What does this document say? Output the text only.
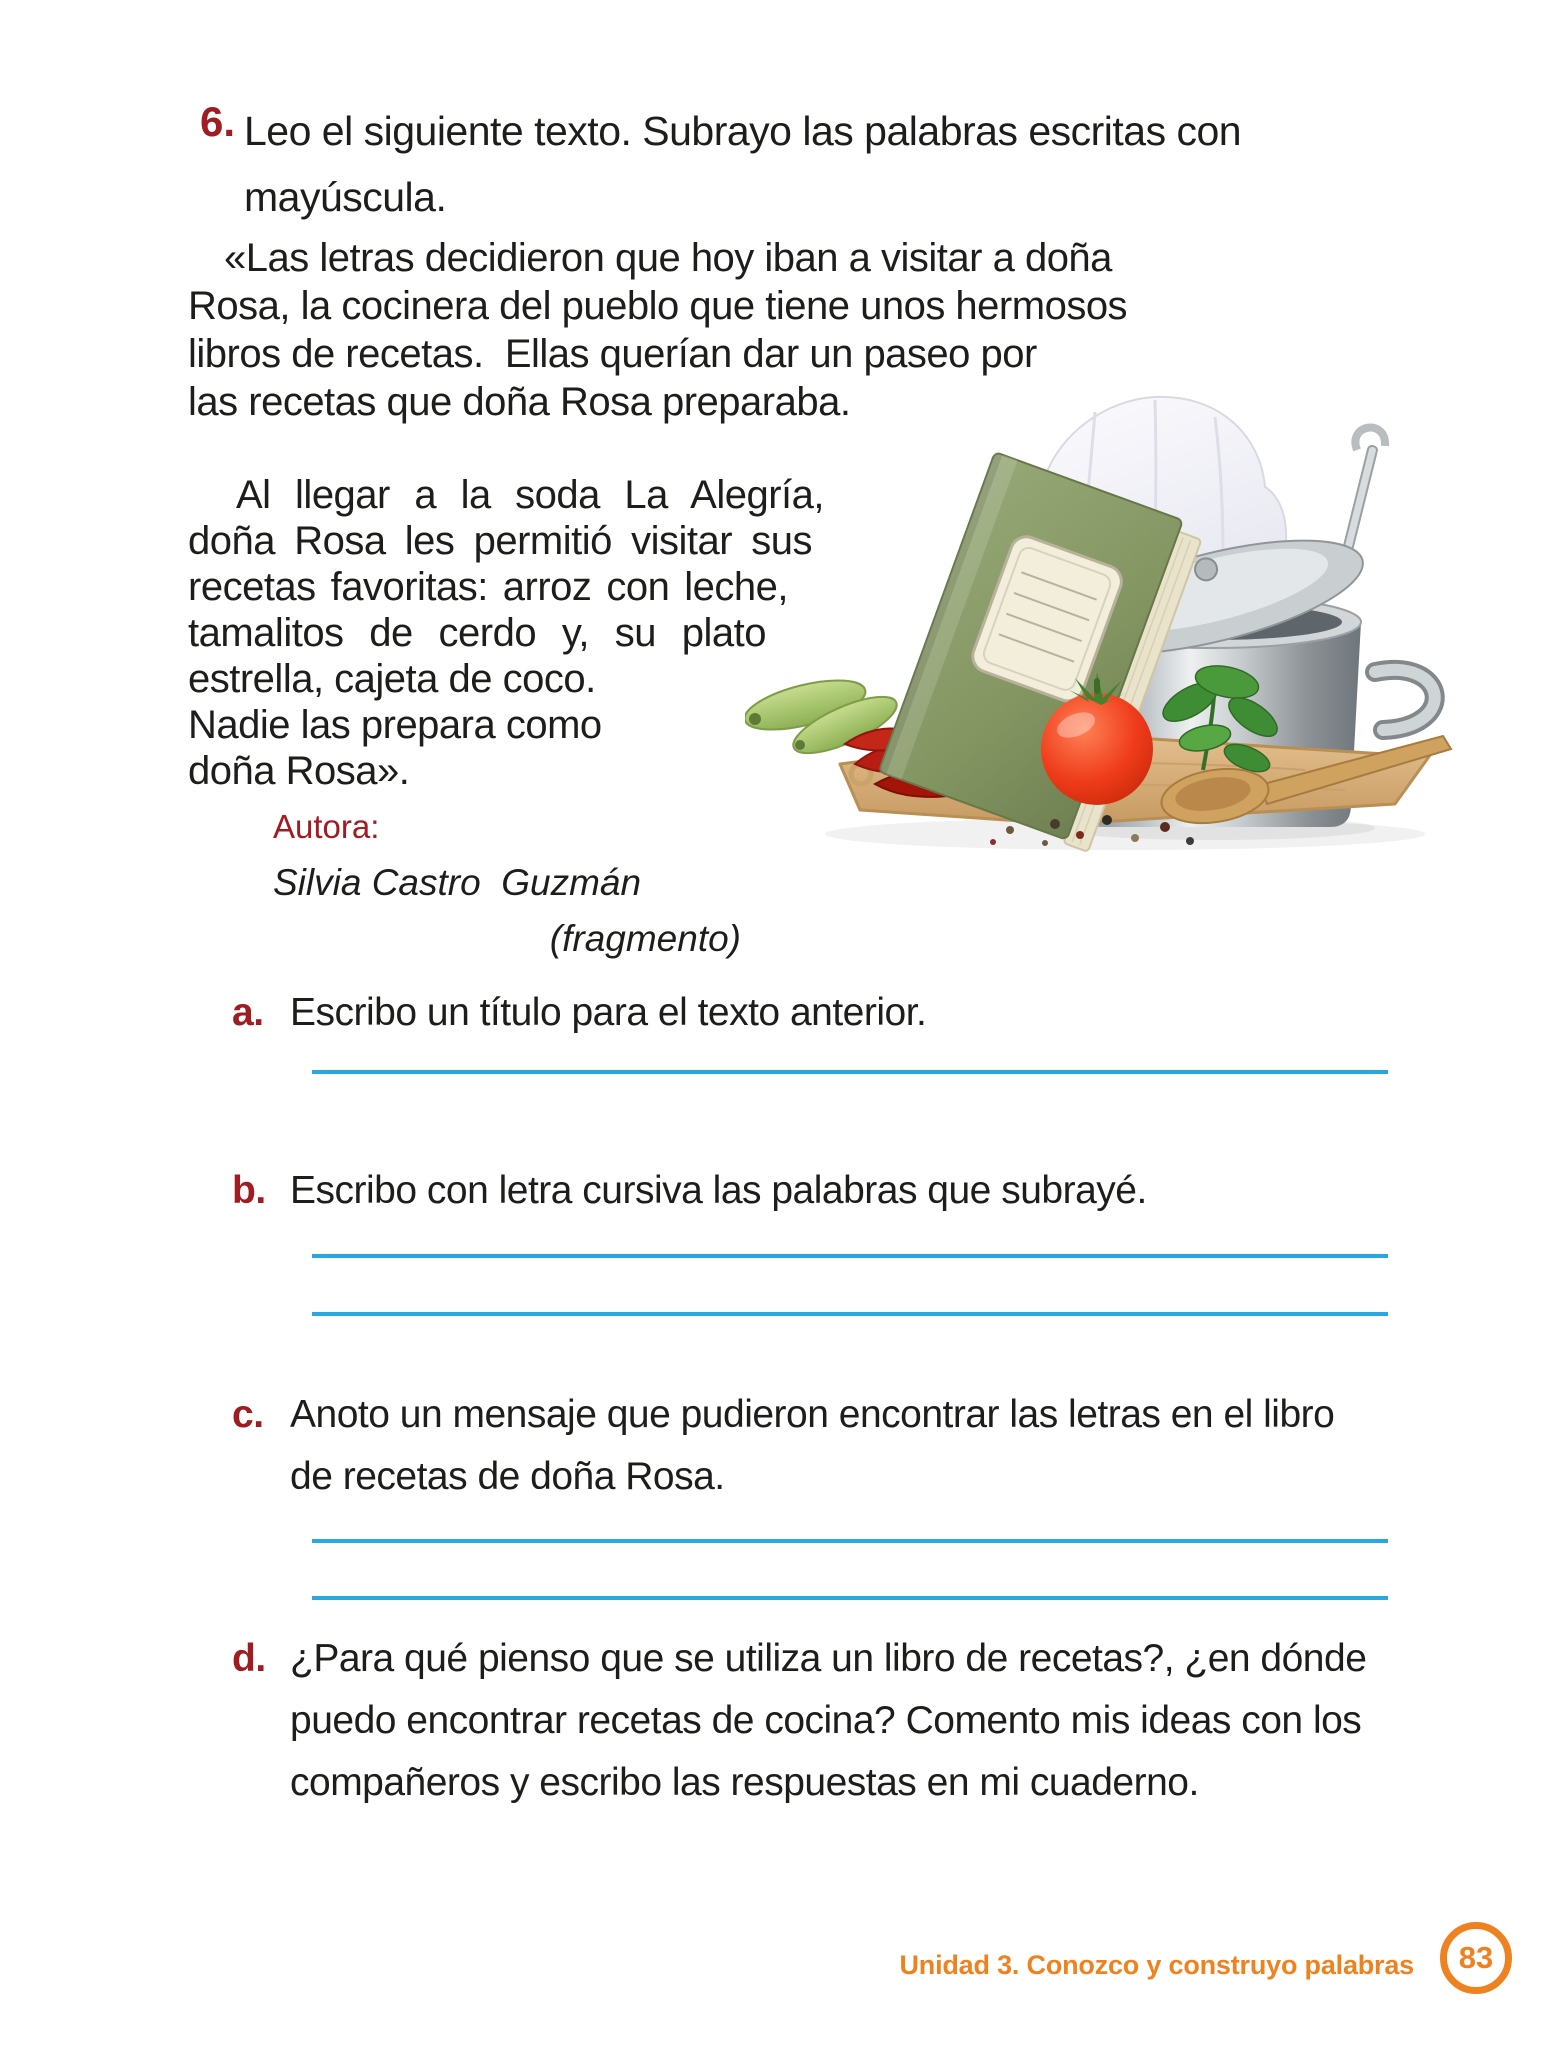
6. Leo el siguiente texto. Subrayo las palabras escritas con
mayúscula.
«Las letras decidieron que hoy iban a visitar a doña
Rosa, la cocinera del pueblo que tiene unos hermosos
libros de recetas.  Ellas querían dar un paseo por
las recetas que doña Rosa preparaba.
Al llegar a la soda La Alegría,
doña Rosa les permitió visitar sus
recetas favoritas: arroz con leche,
tamalitos de cerdo y, su plato
estrella, cajeta de coco.
Nadie las prepara como
doña Rosa».
Autora: Silvia Castro  Guzmán
(fragmento)
a. Escribo un título para el texto anterior.
b. Escribo con letra cursiva las palabras que subrayé.
c. Anoto un mensaje que pudieron encontrar las letras en el libro
de recetas de doña Rosa.
d. ¿Para qué pienso que se utiliza un libro de recetas?, ¿en dónde
puedo encontrar recetas de cocina? Comento mis ideas con los
compañeros y escribo las respuestas en mi cuaderno.
Unidad 3. Conozco y construyo palabras 83
